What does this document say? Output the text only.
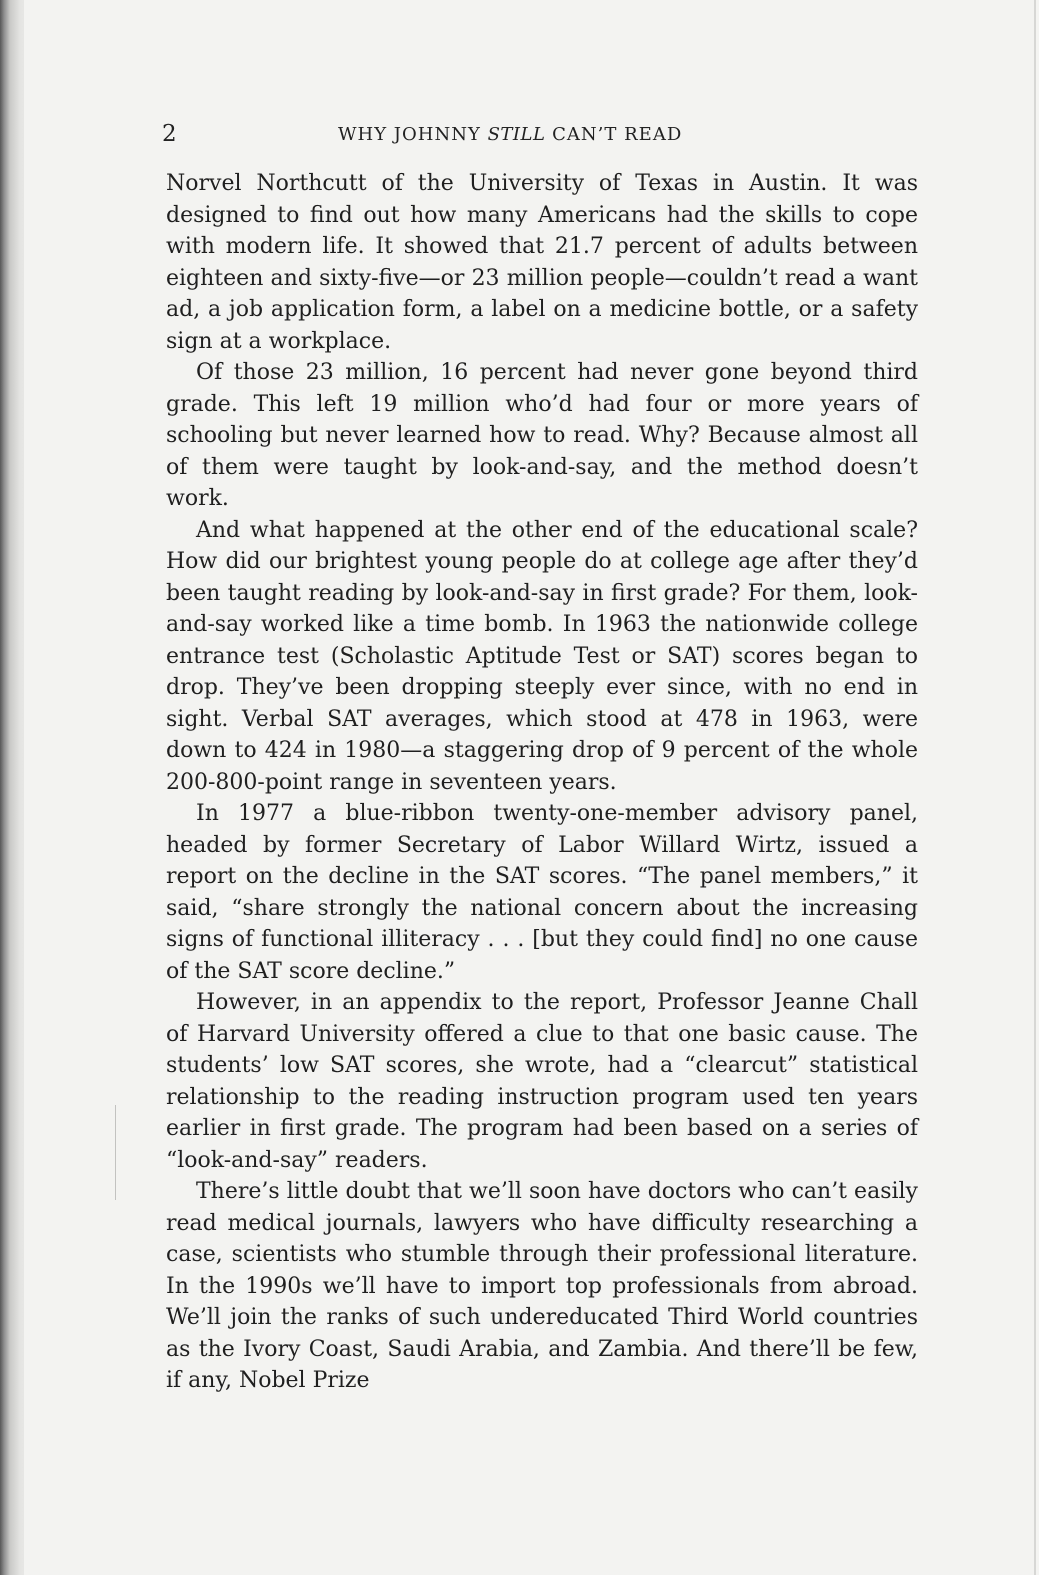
2	WHY JOHNNY STILL CAN’T READ

Norvel Northcutt of the University of Texas in Austin. It was designed to find out how many Americans had the skills to cope with modern life. It showed that 21.7 percent of adults between eighteen and sixty-five—or 23 million people—couldn’t read a want ad, a job application form, a label on a medicine bottle, or a safety sign at a workplace.

Of those 23 million, 16 percent had never gone beyond third grade. This left 19 million who’d had four or more years of schooling but never learned how to read. Why? Because almost all of them were taught by look-and-say, and the method doesn’t work.

And what happened at the other end of the educational scale? How did our brightest young people do at college age after they’d been taught reading by look-and-say in first grade? For them, look-and-say worked like a time bomb. In 1963 the nationwide college entrance test (Scholastic Aptitude Test or SAT) scores began to drop. They’ve been dropping steeply ever since, with no end in sight. Verbal SAT averages, which stood at 478 in 1963, were down to 424 in 1980—a staggering drop of 9 percent of the whole 200-800-point range in seventeen years.

In 1977 a blue-ribbon twenty-one-member advisory panel, headed by former Secretary of Labor Willard Wirtz, issued a report on the decline in the SAT scores. “The panel members,” it said, “share strongly the national concern about the increasing signs of functional illiteracy . . . [but they could find] no one cause of the SAT score decline.”

However, in an appendix to the report, Professor Jeanne Chall of Harvard University offered a clue to that one basic cause. The students’ low SAT scores, she wrote, had a “clearcut” statistical relationship to the reading instruction program used ten years earlier in first grade. The program had been based on a series of “look-and-say” readers.

There’s little doubt that we’ll soon have doctors who can’t easily read medical journals, lawyers who have difficulty researching a case, scientists who stumble through their professional literature. In the 1990s we’ll have to import top professionals from abroad. We’ll join the ranks of such undereducated Third World countries as the Ivory Coast, Saudi Arabia, and Zambia. And there’ll be few, if any, Nobel Prize
